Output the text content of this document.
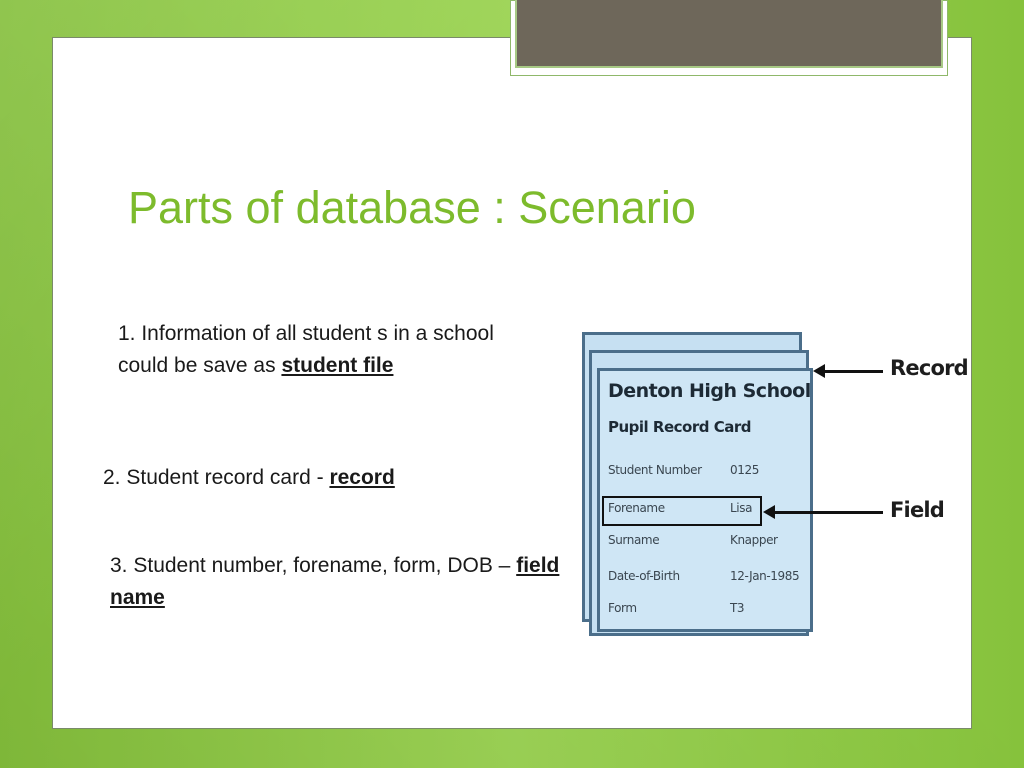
Parts of database : Scenario
1. Information of all student s in a school could be save as student file
2. Student record card - record
3. Student number, forename, form, DOB – field name
Denton High School
Pupil Record Card
Student Number 0125
Forename	Lisa
Surname	Knapper
Date-of-Birth	12-Jan-1985
Form	T3
Record
Field
